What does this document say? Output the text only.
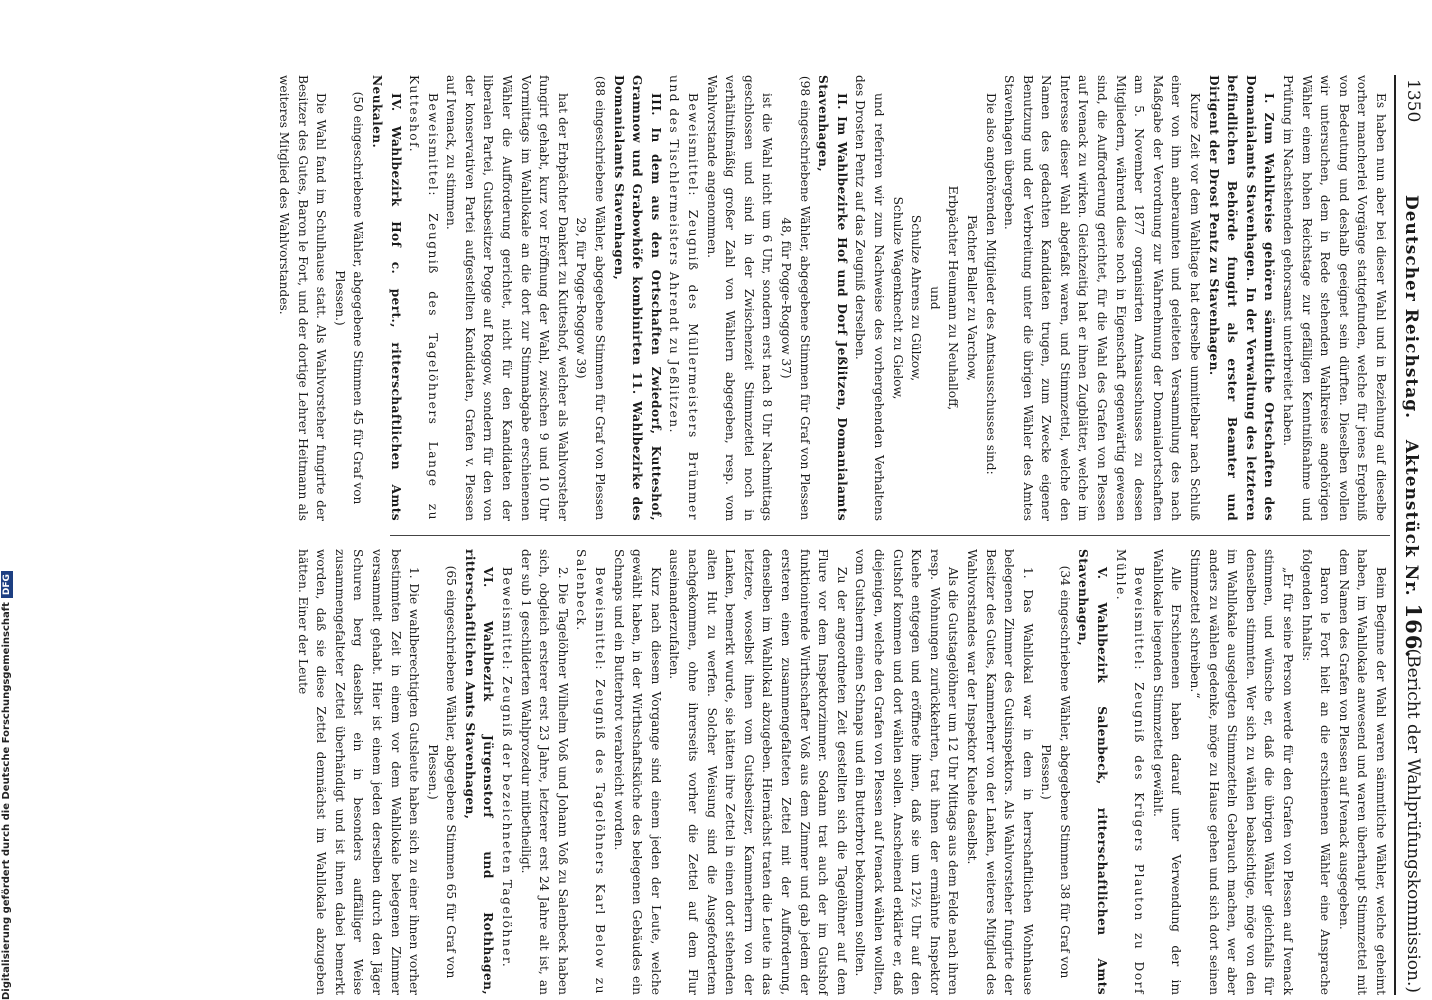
1350
Deutscher Reichstag.   Aktenstück Nr. 166.
(Bericht der Wahlprüfungskommission.)

Es haben nun aber bei dieser Wahl und in Beziehung auf dieselbe vorher mancherlei Vorgänge stattgefunden, welche für jenes Ergebniß von Bedeutung und deshalb geeignet sein dürften. Dieselben wollen wir untersuchen, dem in Rede stehenden Wahlkreise angehörigen Wähler einem hohen Reichstage zur gefälligen Kenntnißnahme und Prüfung im Nachstehenden gehorsamst unterbreitet haben.

I. Zum Wahlkreise gehören sämmtliche Ortschaften des Domanialamts Stavenhagen. In der Verwaltung des letzteren befindlichen Behörde fungirt als erster Beamter und Dirigent der Drost Pentz zu Stavenhagen.

Kurze Zeit vor dem Wahltage hat derselbe unmittelbar nach Schluß einer von ihm anberaumten und geleiteten Versammlung des nach Maßgabe der Verordnung zur Wahrnehmung der Domanialortschaften am 5. November 1877 organisirten Amtsausschusses zu dessen Mitgliedern, während diese noch in Eigenschaft gegenwärtig gewesen sind, die Aufforderung gerichtet, für die Wahl des Grafen von Plessen auf Ivenack zu wirken. Gleichzeitig hat er ihnen Zugblätter, welche im Interesse dieser Wahl abgefaßt waren, und Stimmzettel, welche den Namen des gedachten Kandidaten trugen, zum Zwecke eigener Benutzung und der Verbreitung unter die übrigen Wähler des Amtes Stavenhagen übergeben.

Die also angehörenden Mitglieder des Amtsausschusses sind:

Pächter Baller zu Varchow,

Erbpächter Heumann zu Neuhalloff,

und

Schulze Ahrens zu Gülzow,

Schulze Wagenknecht zu Gielow,

und referiren wir zum Nachweise des vorhergehenden Verhaltens des Drosten Pentz auf das Zeugniß derselben.

II. Im Wahlbezirke Hof und Dorf Jeßlitzen, Domanialamts Stavenhagen,

(98 eingeschriebene Wähler, abgegebene Stimmen für Graf von Plessen 48, für Pogge-Roggow 37)

ist die Wahl nicht um 6 Uhr, sondern erst nach 8 Uhr Nachmittags geschlossen und sind in der Zwischenzeit Stimmzettel noch in verhältnißmäßig großer Zahl von Wählern abgegeben, resp. vom Wahlvorstande angenommen.

Beweismittel: Zeugniß des Müllermeisters Brümmer und des Tischlermeisters Ahrendt zu Jeßlitzen.

III. In dem aus den Ortschaften Zwiedorf, Kutteshof, Gramnow und Grabowhöfe kombinirten 11. Wahlbezirke des Domanialamts Stavenhagen,

(88 eingeschriebene Wähler, abgegebene Stimmen für Graf von Plessen 29, für Pogge-Roggow 39)

hat der Erbpächter Dankert zu Kutteshof, welcher als Wahlvorsteher fungirt gehabt, kurz vor Eröffnung der Wahl, zwischen 9 und 10 Uhr Vormittags im Wahllokale an die dort zur Stimmabgabe erschienenen Wähler die Aufforderung gerichtet, nicht für den Kandidaten der liberalen Partei, Gutsbesitzer Pogge auf Roggow, sondern für den von der konservativen Partei aufgestellten Kandidaten, Grafen v. Plessen auf Ivenack, zu stimmen.

Beweismittel: Zeugniß des Tagelöhners Lange zu Kutteshof.

IV. Wahlbezirk Hof c. pert., ritterschaftlichen Amts Neukalen.

(50 eingeschriebene Wähler, abgegebene Stimmen 45 für Graf von Plessen.)

Die Wahl fand im Schulhause statt. Als Wahlvorsteher fungirte der Besitzer des Gutes, Baron le Fort, und der dortige Lehrer Heitmann als weiteres Mitglied des Wahlvorstandes.

Beim Beginne der Wahl waren sämmtliche Wähler, welche geheimt haben, im Wahllokale anwesend und waren überhaupt Stimmzettel mit dem Namen des Grafen von Plessen auf Ivenack ausgegeben.

Baron le Fort hielt an die erschienenen Wähler eine Ansprache folgenden Inhalts:

„Er für seine Person werde für den Grafen von Plessen auf Ivenack stimmen, und wünsche er, daß die übrigen Wähler gleichfalls für denselben stimmten. Wer sich zu wählen beabsichtige, möge von den im Wahllokale ausgelegten Stimmzetteln Gebrauch machen, wer aber anders zu wählen gedenke, möge zu Hause gehen und sich dort seinen Stimmzettel schreiben.“

Alle Erschienenen haben darauf unter Verwendung der im Wahllokale liegenden Stimmzettel gewählt.

Beweismittel: Zeugniß des Krügers Plauton zu Dorf Mühle.

V. Wahlbezirk Salenbeck, ritterschaftlichen Amts Stavenhagen,

(34 eingeschriebene Wähler, abgegebene Stimmen 38 für Graf von Plessen.)

1. Das Wahllokal war in dem in herrschaftlichen Wohnhause belegenen Zimmer des Gutsinspektors. Als Wahlvorsteher fungirte der Besitzer des Gutes, Kammerherr von der Lanken, weiteres Mitglied des Wahlvorstandes war der Inspektor Kuehe daselbst.

Als die Gutstagelöhner um 12 Uhr Mittags aus dem Felde nach ihren resp. Wohnungen zurückkehrten, trat ihnen der ermähnte Inspektor Kuehe entgegen und eröffnete ihnen, daß sie um 12½ Uhr auf den Gutshof kommen und dort wählen sollen. Anscheinend erklärte er, daß diejenigen, welche den Grafen von Plessen auf Ivenack wählen wollten, vom Gutsherrn einen Schnaps und ein Butterbrot bekommen sollten.

Zu der angeordneten Zeit gestellten sich die Tagelöhner auf dem Flure vor dem Inspektorzimmer. Sodann trat auch der im Gutshof funktionirende Wirthschafter Voß aus dem Zimmer und gab jedem der ersteren einen zusammengefalteten Zettel mit der Aufforderung, denselben im Wahllokal abzugeben. Hiernächst traten die Leute in das letztere, woselbst ihnen vom Gutsbesitzer, Kammerherrn von der Lanken, bemerkt wurde, sie hätten ihre Zettel in einen dort stehenden alten Hut zu werfen. Solcher Weisung sind die Ausgefordertem nachgekommen, ohne ihrerseits vorher die Zettel auf dem Flur auseinanderzufalten.

Kurz nach diesem Vorgange sind einem jeden der Leute, welche gewählt haben, in der Wirthschaftsküche des belegenen Gebäudes ein Schnaps und ein Butterbrot verabreicht worden.

Beweismittel: Zeugniß des Tagelöhners Karl Below zu Salenbeck.

2. Die Tagelöhner Wilhelm Voß und Johann Voß zu Salenbeck haben sich, obgleich ersterer erst 23 Jahre, letzterer erst 24 Jahre alt ist, an der sub 1 geschilderten Wahlprozedur mitbetheiligt.

Beweismittel: Zeugniß der bezeichneten Tagelöhner.

VI. Wahlbezirk Jürgenstorf und Rothhagen, ritterschaftlichen Amts Stavenhagen,

(65 eingeschriebene Wähler, abgegebene Stimmen 65 für Graf von Plessen.)

1. Die wahlberechtigten Gutsleute haben sich zu einer ihnen vorher bestimmten Zeit in einem vor dem Wahllokale belegenen Zimmer versammelt gehabt. Hier ist einem jeden derselben durch den Jäger Schuren berg daselbst ein in besonders auffälliger Weise zusammengefalteter Zettel überhändigt und ist ihnen dabei bemerkt worden, daß sie diese Zettel demnächst im Wahllokale abzugeben hätten. Einer der Leute

Digitalisierung gefördert durch die Deutsche ForschungsgemeinschaftDFG
